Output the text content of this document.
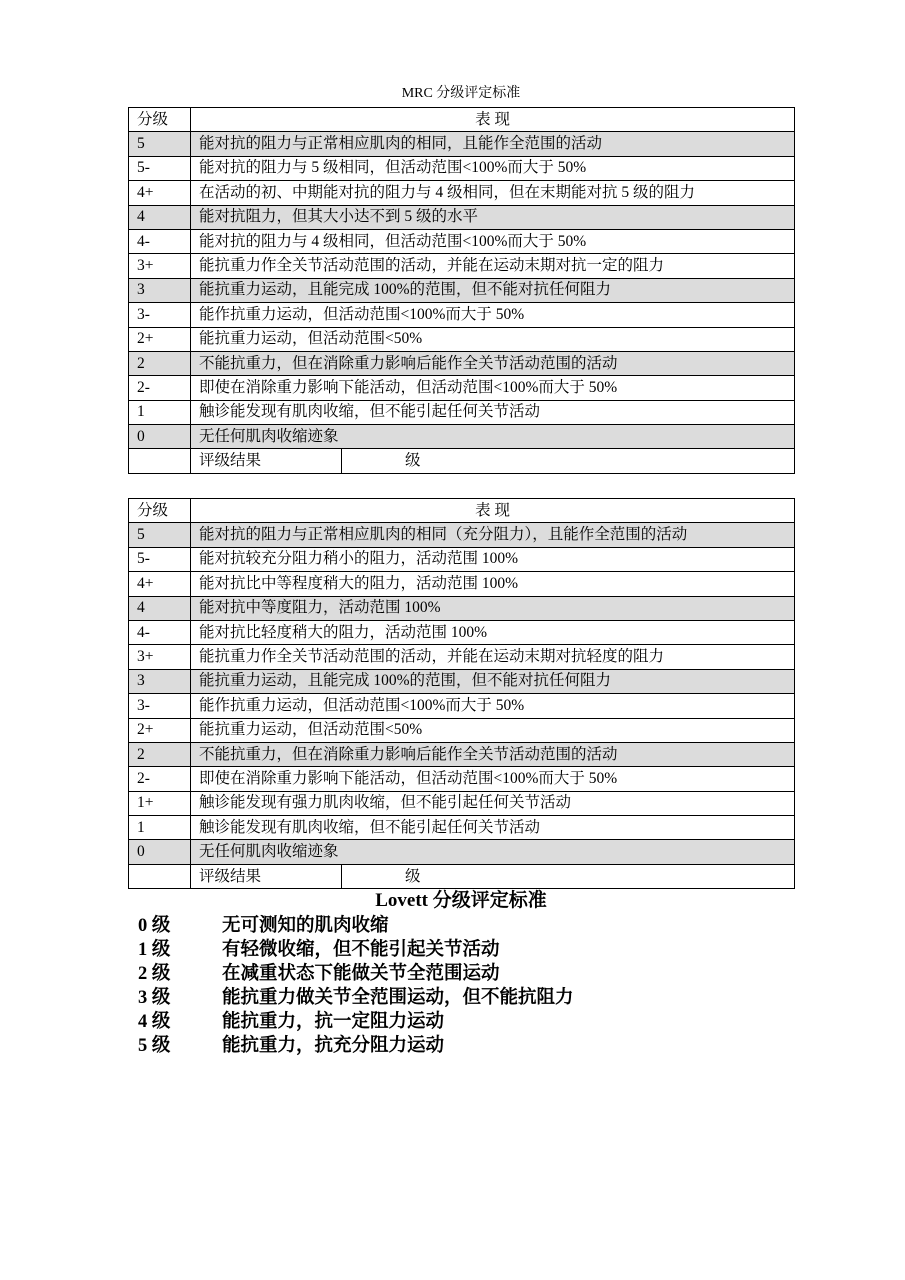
MRC 分级评定标准
分级	表 现	
5	能对抗的阻力与正常相应肌肉的相同，且能作全范围的活动	
5-	能对抗的阻力与 5 级相同，但活动范围<100%而大于 50%	
4+	在活动的初、中期能对抗的阻力与 4 级相同，但在末期能对抗 5 级的阻力	
4	能对抗阻力，但其大小达不到 5 级的水平	
4-	能对抗的阻力与 4 级相同，但活动范围<100%而大于 50%	
3+	能抗重力作全关节活动范围的活动，并能在运动末期对抗一定的阻力	
3	能抗重力运动，且能完成 100%的范围，但不能对抗任何阻力	
3-	能作抗重力运动，但活动范围<100%而大于 50%	
2+	能抗重力运动，但活动范围<50%	
2	不能抗重力，但在消除重力影响后能作全关节活动范围的活动	
2-	即使在消除重力影响下能活动，但活动范围<100%而大于 50%	
1	触诊能发现有肌肉收缩，但不能引起任何关节活动	
0	无任何肌肉收缩迹象	
	评级结果	级
分级	表 现	
5	能对抗的阻力与正常相应肌肉的相同（充分阻力），且能作全范围的活动	
5-	能对抗较充分阻力稍小的阻力，活动范围 100%	
4+	能对抗比中等程度稍大的阻力，活动范围 100%	
4	能对抗中等度阻力，活动范围 100%	
4-	能对抗比轻度稍大的阻力，活动范围 100%	
3+	能抗重力作全关节活动范围的活动，并能在运动末期对抗轻度的阻力	
3	能抗重力运动，且能完成 100%的范围，但不能对抗任何阻力	
3-	能作抗重力运动，但活动范围<100%而大于 50%	
2+	能抗重力运动，但活动范围<50%	
2	不能抗重力，但在消除重力影响后能作全关节活动范围的活动	
2-	即使在消除重力影响下能活动，但活动范围<100%而大于 50%	
1+	触诊能发现有强力肌肉收缩，但不能引起任何关节活动	
1	触诊能发现有肌肉收缩，但不能引起任何关节活动	
0	无任何肌肉收缩迹象	
	评级结果	级
Lovett 分级评定标准
0 级	无可测知的肌肉收缩
1 级	有轻微收缩，但不能引起关节活动
2 级	在减重状态下能做关节全范围运动
3 级	能抗重力做关节全范围运动，但不能抗阻力
4 级	能抗重力，抗一定阻力运动
5 级	能抗重力，抗充分阻力运动
